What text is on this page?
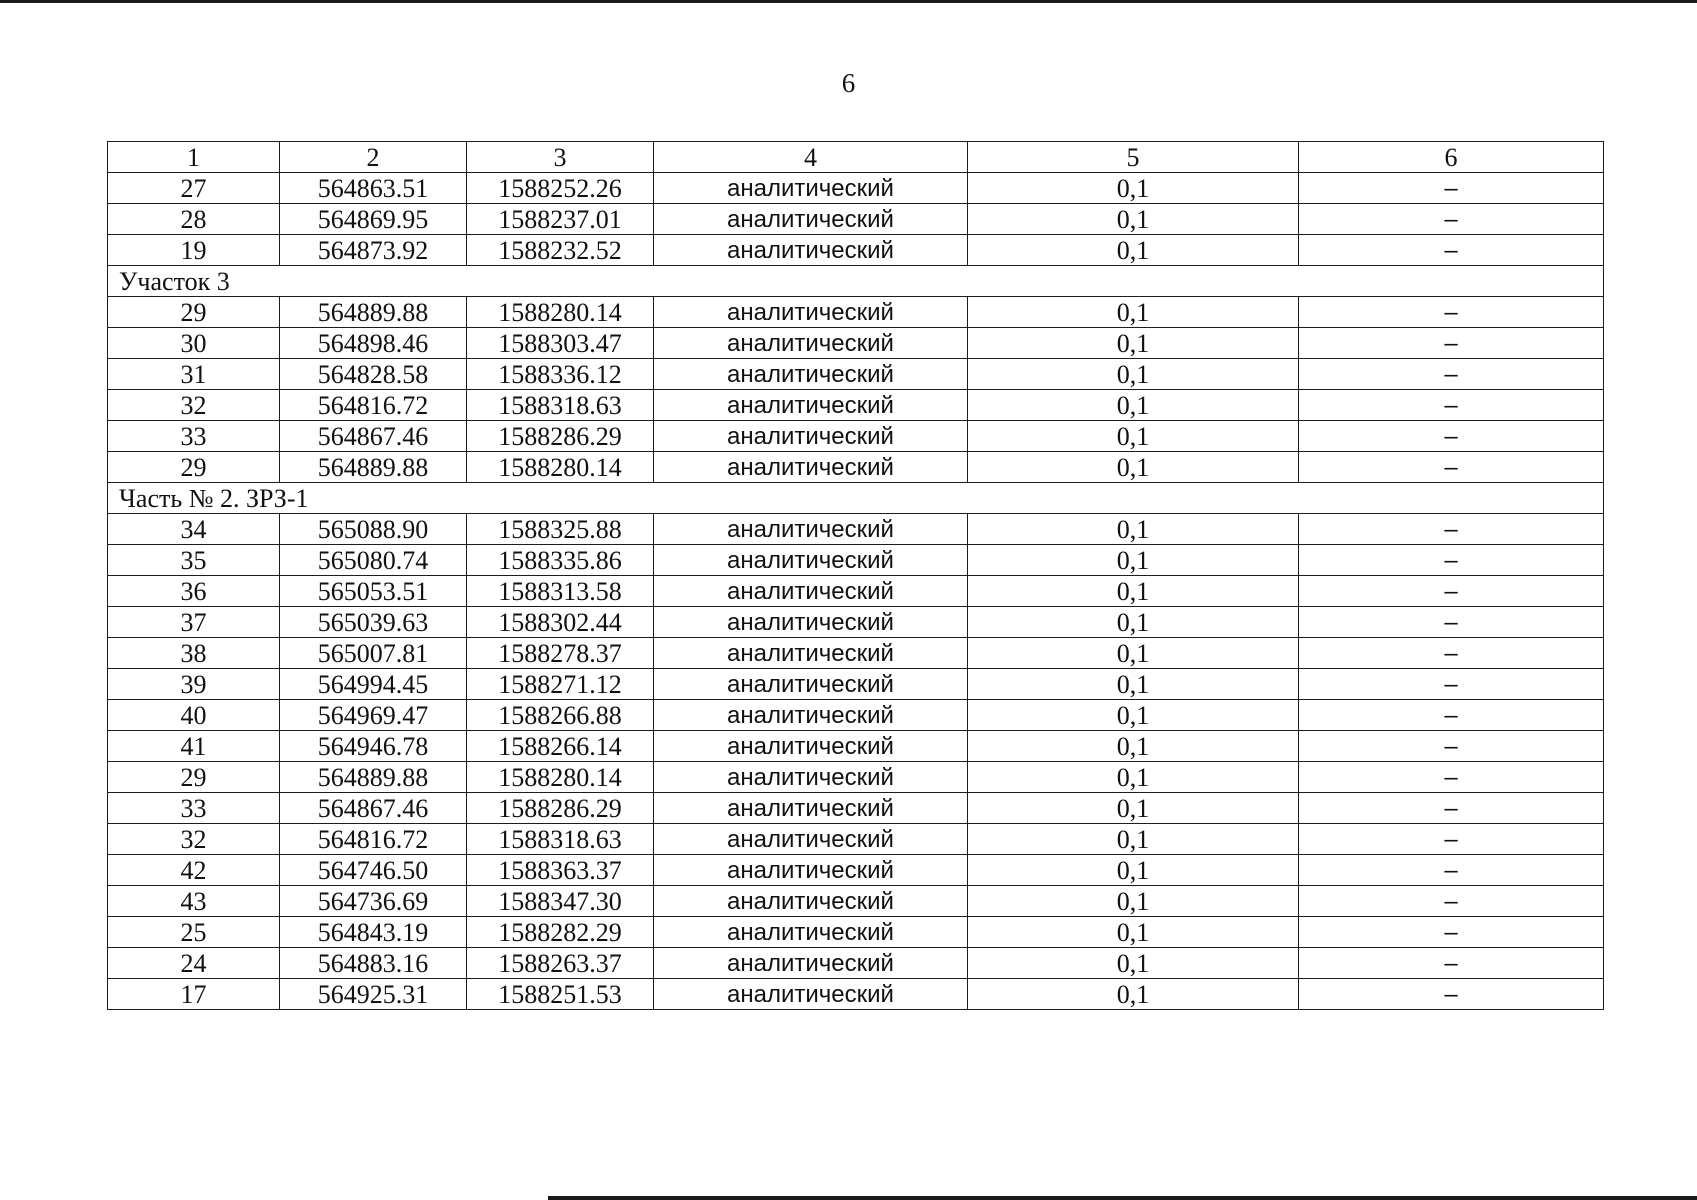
6
1	2	3	4	5	6
27	564863.51	1588252.26	аналитический	0,1	–
28	564869.95	1588237.01	аналитический	0,1	–
19	564873.92	1588232.52	аналитический	0,1	–
Участок 3					
29	564889.88	1588280.14	аналитический	0,1	–
30	564898.46	1588303.47	аналитический	0,1	–
31	564828.58	1588336.12	аналитический	0,1	–
32	564816.72	1588318.63	аналитический	0,1	–
33	564867.46	1588286.29	аналитический	0,1	–
29	564889.88	1588280.14	аналитический	0,1	–
Часть № 2. ЗРЗ-1					
34	565088.90	1588325.88	аналитический	0,1	–
35	565080.74	1588335.86	аналитический	0,1	–
36	565053.51	1588313.58	аналитический	0,1	–
37	565039.63	1588302.44	аналитический	0,1	–
38	565007.81	1588278.37	аналитический	0,1	–
39	564994.45	1588271.12	аналитический	0,1	–
40	564969.47	1588266.88	аналитический	0,1	–
41	564946.78	1588266.14	аналитический	0,1	–
29	564889.88	1588280.14	аналитический	0,1	–
33	564867.46	1588286.29	аналитический	0,1	–
32	564816.72	1588318.63	аналитический	0,1	–
42	564746.50	1588363.37	аналитический	0,1	–
43	564736.69	1588347.30	аналитический	0,1	–
25	564843.19	1588282.29	аналитический	0,1	–
24	564883.16	1588263.37	аналитический	0,1	–
17	564925.31	1588251.53	аналитический	0,1	–
